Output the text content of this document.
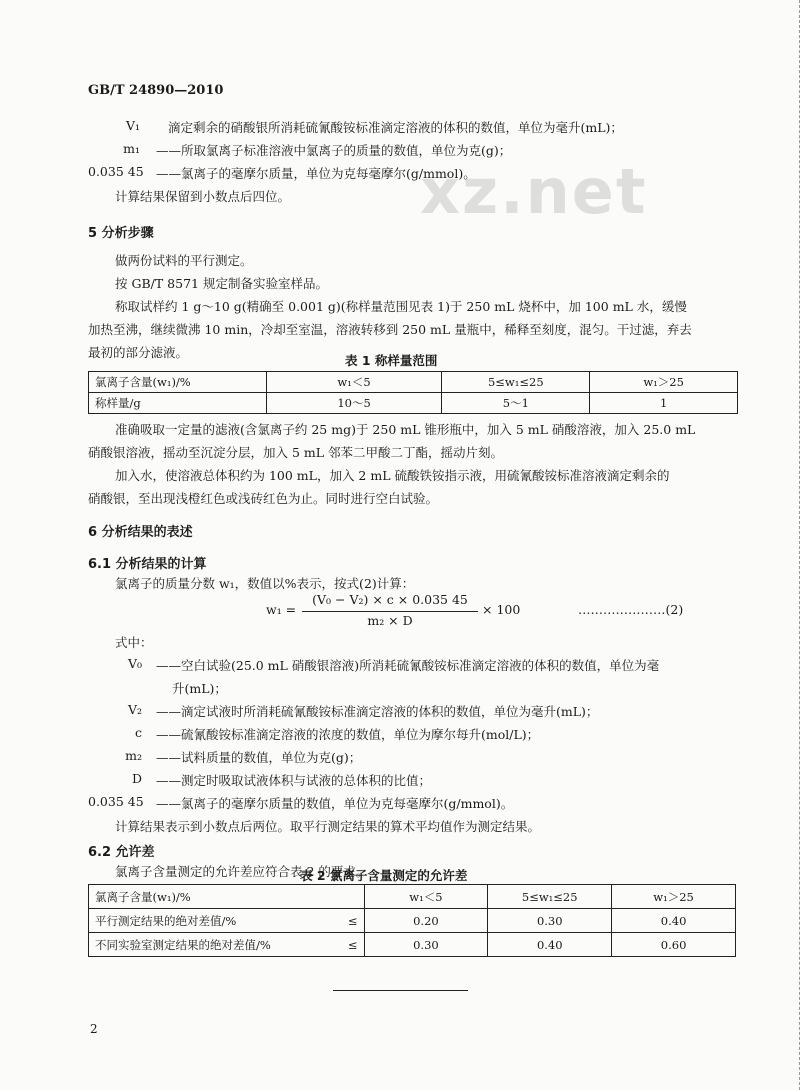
GB/T 24890—2010
xz.net
V₁ 滴定剩余的硝酸银所消耗硫氰酸铵标准滴定溶液的体积的数值，单位为毫升(mL)；
m₁ ——所取氯离子标准溶液中氯离子的质量的数值，单位为克(g)；
0.035 45 ——氯离子的毫摩尔质量，单位为克每毫摩尔(g/mmol)。
计算结果保留到小数点后四位。
5 分析步骤
做两份试料的平行测定。
按 GB/T 8571 规定制备实验室样品。
称取试样约 1 g～10 g(精确至 0.001 g)(称样量范围见表 1)于 250 mL 烧杯中，加 100 mL 水，缓慢
加热至沸，继续微沸 10 min，冷却至室温，溶液转移到 250 mL 量瓶中，稀释至刻度，混匀。干过滤，弃去
最初的部分滤液。
表 1 称样量范围
氯离子含量(w₁)/%	w₁＜5	5≤w₁≤25	w₁＞25
称样量/g	10～5	5～1	1
准确吸取一定量的滤液(含氯离子约 25 mg)于 250 mL 锥形瓶中，加入 5 mL 硝酸溶液，加入 25.0 mL
硝酸银溶液，摇动至沉淀分层，加入 5 mL 邻苯二甲酸二丁酯，摇动片刻。
加入水，使溶液总体积约为 100 mL，加入 2 mL 硫酸铁铵指示液，用硫氰酸铵标准溶液滴定剩余的
硝酸银，至出现浅橙红色或浅砖红色为止。同时进行空白试验。
6 分析结果的表述
6.1 分析结果的计算
氯离子的质量分数 w₁，数值以%表示，按式(2)计算：
w₁ =
(V₀ − V₂) × c × 0.035 45
m₂ × D
× 100	…………………(2)
式中：
V₀ ——空白试验(25.0 mL 硝酸银溶液)所消耗硫氰酸铵标准滴定溶液的体积的数值，单位为毫
升(mL)；
V₂ ——滴定试液时所消耗硫氰酸铵标准滴定溶液的体积的数值，单位为毫升(mL)；
c ——硫氰酸铵标准滴定溶液的浓度的数值，单位为摩尔每升(mol/L)；
m₂ ——试料质量的数值，单位为克(g)；
D ——测定时吸取试液体积与试液的总体积的比值；
0.035 45 ——氯离子的毫摩尔质量的数值，单位为克每毫摩尔(g/mmol)。
计算结果表示到小数点后两位。取平行测定结果的算术平均值作为测定结果。
6.2 允许差
氯离子含量测定的允许差应符合表 2 的要求。
表 2 氯离子含量测定的允许差
氯离子含量(w₁)/%		w₁＜5	5≤w₁≤25	w₁＞25
平行测定结果的绝对差值/%	≤	0.20	0.30	0.40
不同实验室测定结果的绝对差值/%	≤	0.30	0.40	0.60
2
